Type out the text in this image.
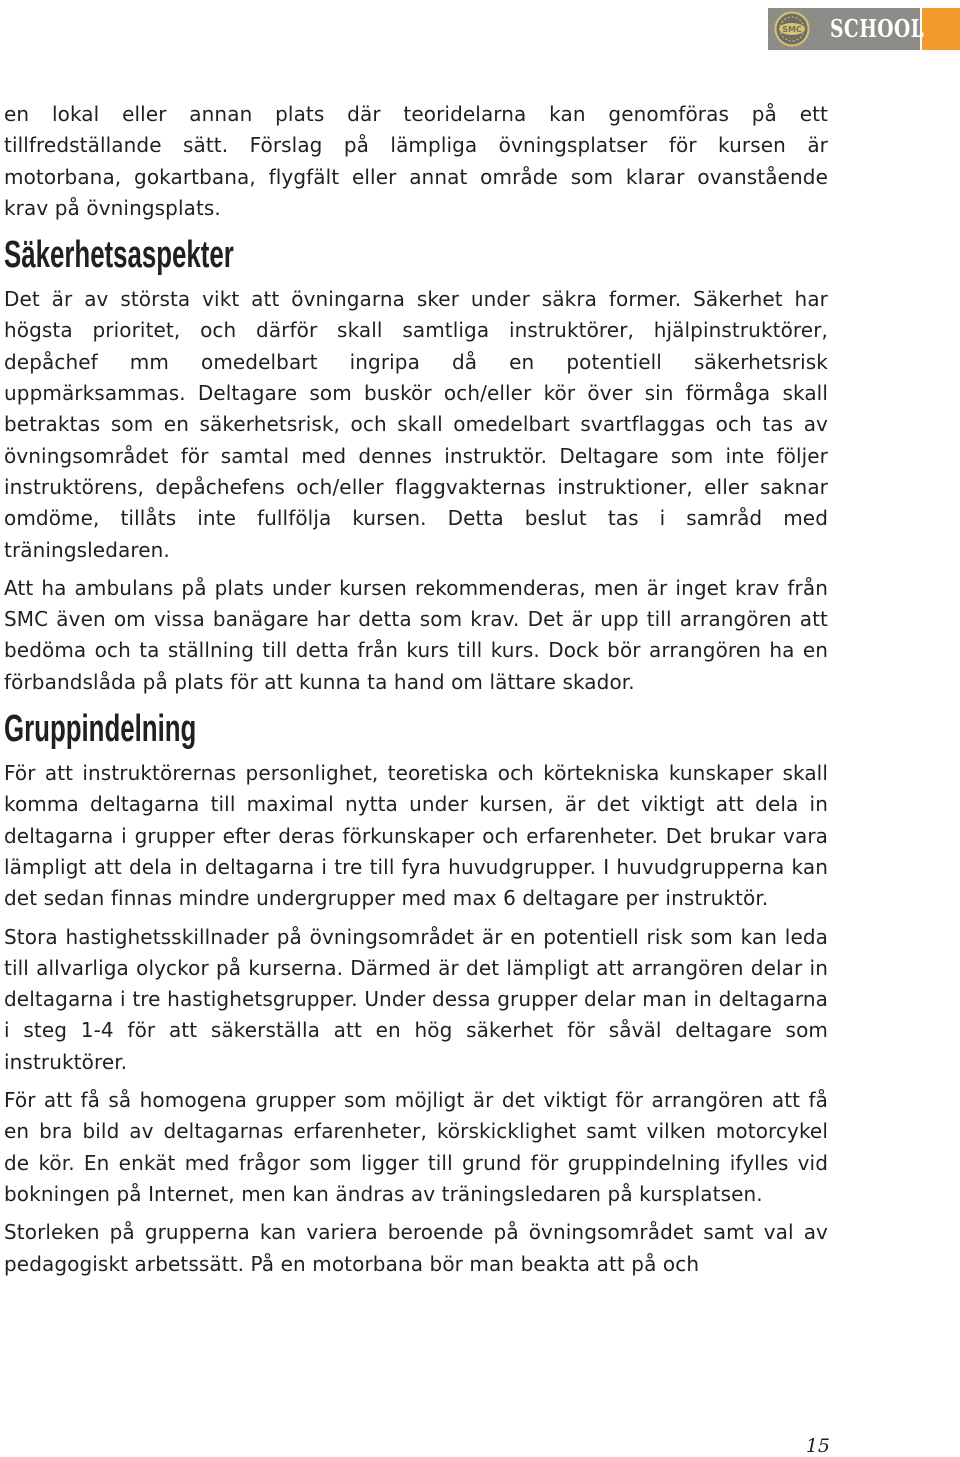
SMC SCHOOL

en lokal eller annan plats där teoridelarna kan genomföras på ett tillfredställande sätt. Förslag på lämpliga övningsplatser för kursen är motorbana, gokartbana, flygfält eller annat område som klarar ovanstående krav på övningsplats.

Säkerhetsaspekter

Det är av största vikt att övningarna sker under säkra former. Säkerhet har högsta prioritet, och därför skall samtliga instruktörer, hjälpinstruktörer, depåchef mm omedelbart ingripa då en potentiell säkerhetsrisk uppmärksammas. Deltagare som buskör och/eller kör över sin förmåga skall betraktas som en säkerhetsrisk, och skall omedelbart svartflaggas och tas av övningsområdet för samtal med dennes instruktör. Deltagare som inte följer instruktörens, depåchefens och/eller flaggvakternas instruktioner, eller saknar omdöme, tillåts inte fullfölja kursen. Detta beslut tas i samråd med träningsledaren.

Att ha ambulans på plats under kursen rekommenderas, men är inget krav från SMC även om vissa banägare har detta som krav. Det är upp till arrangören att bedöma och ta ställning till detta från kurs till kurs. Dock bör arrangören ha en förbandslåda på plats för att kunna ta hand om lättare skador.

Gruppindelning

För att instruktörernas personlighet, teoretiska och körtekniska kunskaper skall komma deltagarna till maximal nytta under kursen, är det viktigt att dela in deltagarna i grupper efter deras förkunskaper och erfarenheter. Det brukar vara lämpligt att dela in deltagarna i tre till fyra huvudgrupper. I huvudgrupperna kan det sedan finnas mindre undergrupper med max 6 deltagare per instruktör.

Stora hastighetsskillnader på övningsområdet är en potentiell risk som kan leda till allvarliga olyckor på kurserna. Därmed är det lämpligt att arrangören delar in deltagarna i tre hastighetsgrupper. Under dessa grupper delar man in deltagarna i steg 1-4 för att säkerställa att en hög säkerhet för såväl deltagare som instruktörer.

För att få så homogena grupper som möjligt är det viktigt för arrangören att få en bra bild av deltagarnas erfarenheter, körskicklighet samt vilken motorcykel de kör. En enkät med frågor som ligger till grund för gruppindelning ifylles vid bokningen på Internet, men kan ändras av träningsledaren på kursplatsen.

Storleken på grupperna kan variera beroende på övningsområdet samt val av pedagogiskt arbetssätt. På en motorbana bör man beakta att på och

15
